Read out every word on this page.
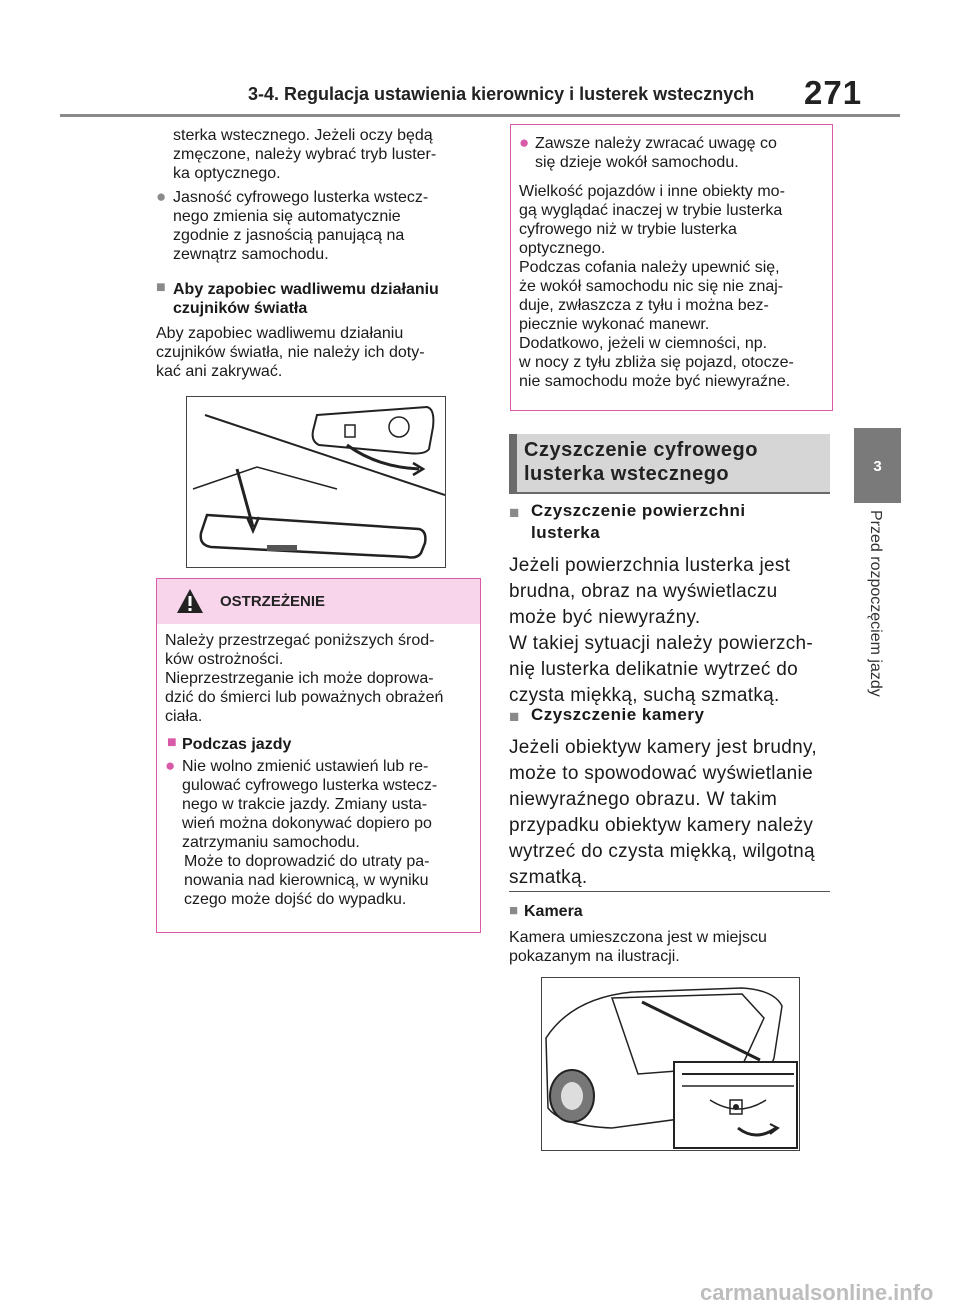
3-4. Regulacja ustawienia kierownicy i lusterek wstecznych 271
3
Przed rozpoczęciem jazdy
sterka wstecznego. Jeżeli oczy będą
zmęczone, należy wybrać tryb luster-
ka optycznego.
● Jasność cyfrowego lusterka wstecz-
nego zmienia się automatycznie
zgodnie z jasnością panującą na
zewnątrz samochodu.
■ Aby zapobiec wadliwemu działaniu
czujników światła
Aby zapobiec wadliwemu działaniu
czujników światła, nie należy ich doty-
kać ani zakrywać.
OSTRZEŻENIE
Należy przestrzegać poniższych środ-
ków ostrożności.
Nieprzestrzeganie ich może doprowa-
dzić do śmierci lub poważnych obrażeń
ciała.
■ Podczas jazdy
● Nie wolno zmienić ustawień lub re-
gulować cyfrowego lusterka wstecz-
nego w trakcie jazdy. Zmiany usta-
wień można dokonywać dopiero po
zatrzymaniu samochodu.
Może to doprowadzić do utraty pa-
nowania nad kierownicą, w wyniku
czego może dojść do wypadku.
● Zawsze należy zwracać uwagę co
się dzieje wokół samochodu.
Wielkość pojazdów i inne obiekty mo-
gą wyglądać inaczej w trybie lusterka
cyfrowego niż w trybie lusterka
optycznego.
Podczas cofania należy upewnić się,
że wokół samochodu nic się nie znaj-
duje, zwłaszcza z tyłu i można bez-
piecznie wykonać manewr.
Dodatkowo, jeżeli w ciemności, np.
w nocy z tyłu zbliża się pojazd, otocze-
nie samochodu może być niewyraźne.
Czyszczenie cyfrowego
lusterka wstecznego
■ Czyszczenie powierzchni
lusterka
Jeżeli powierzchnia lusterka jest
brudna, obraz na wyświetlaczu
może być niewyraźny.
W takiej sytuacji należy powierzch-
nię lusterka delikatnie wytrzeć do
czysta miękką, suchą szmatką.
■ Czyszczenie kamery
Jeżeli obiektyw kamery jest brudny,
może to spowodować wyświetlanie
niewyraźnego obrazu. W takim
przypadku obiektyw kamery należy
wytrzeć do czysta miękką, wilgotną
szmatką.
■ Kamera
Kamera umieszczona jest w miejscu
pokazanym na ilustracji.
carmanualsonline.info
